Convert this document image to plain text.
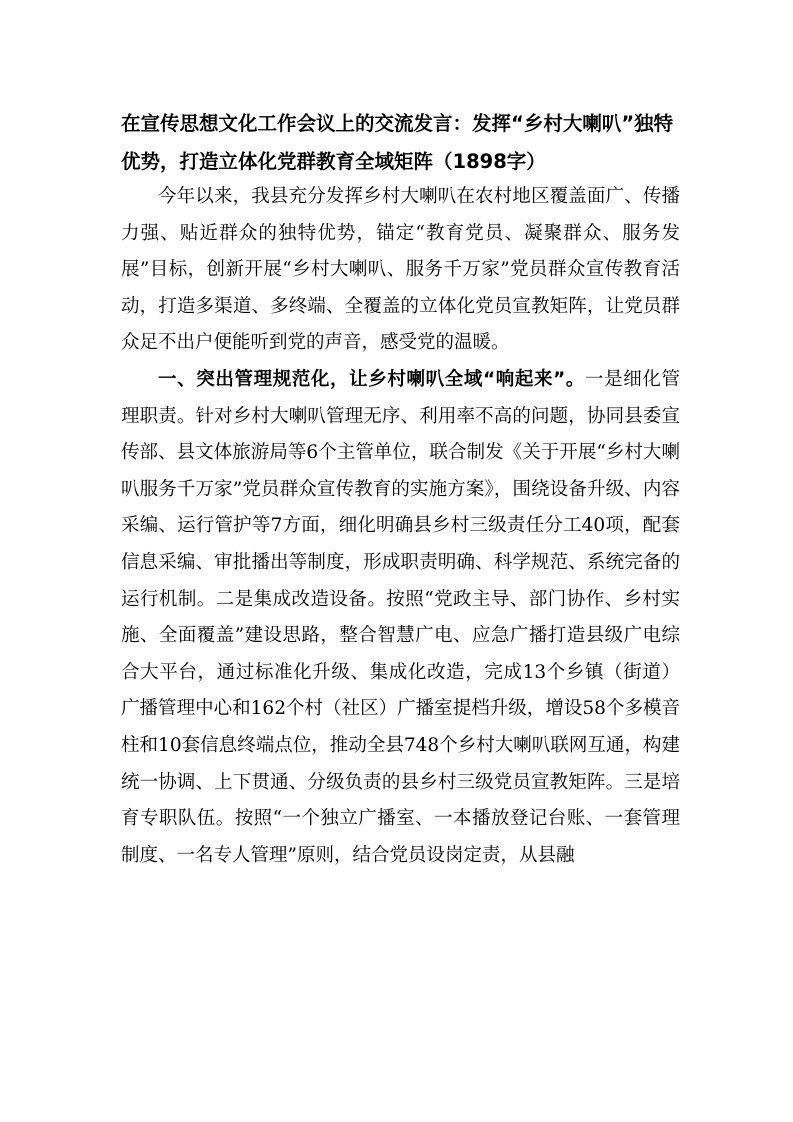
在宣传思想文化工作会议上的交流发言：发挥“乡村大喇叭”独特优势，打造立体化党群教育全域矩阵（1898字）

今年以来，我县充分发挥乡村大喇叭在农村地区覆盖面广、传播力强、贴近群众的独特优势，锚定“教育党员、凝聚群众、服务发展”目标，创新开展“乡村大喇叭、服务千万家”党员群众宣传教育活动，打造多渠道、多终端、全覆盖的立体化党员宣教矩阵，让党员群众足不出户便能听到党的声音，感受党的温暖。

一、突出管理规范化，让乡村喇叭全域“响起来”。一是细化管理职责。针对乡村大喇叭管理无序、利用率不高的问题，协同县委宣传部、县文体旅游局等6个主管单位，联合制发《关于开展“乡村大喇叭服务千万家”党员群众宣传教育的实施方案》，围绕设备升级、内容采编、运行管护等7方面，细化明确县乡村三级责任分工40项，配套信息采编、审批播出等制度，形成职责明确、科学规范、系统完备的运行机制。二是集成改造设备。按照“党政主导、部门协作、乡村实施、全面覆盖”建设思路，整合智慧广电、应急广播打造县级广电综合大平台，通过标准化升级、集成化改造，完成13个乡镇（街道）广播管理中心和162个村（社区）广播室提档升级，增设58个多模音柱和10套信息终端点位，推动全县748个乡村大喇叭联网互通，构建统一协调、上下贯通、分级负责的县乡村三级党员宣教矩阵。三是培育专职队伍。按照“一个独立广播室、一本播放登记台账、一套管理制度、一名专人管理”原则，结合党员设岗定责，从县融
